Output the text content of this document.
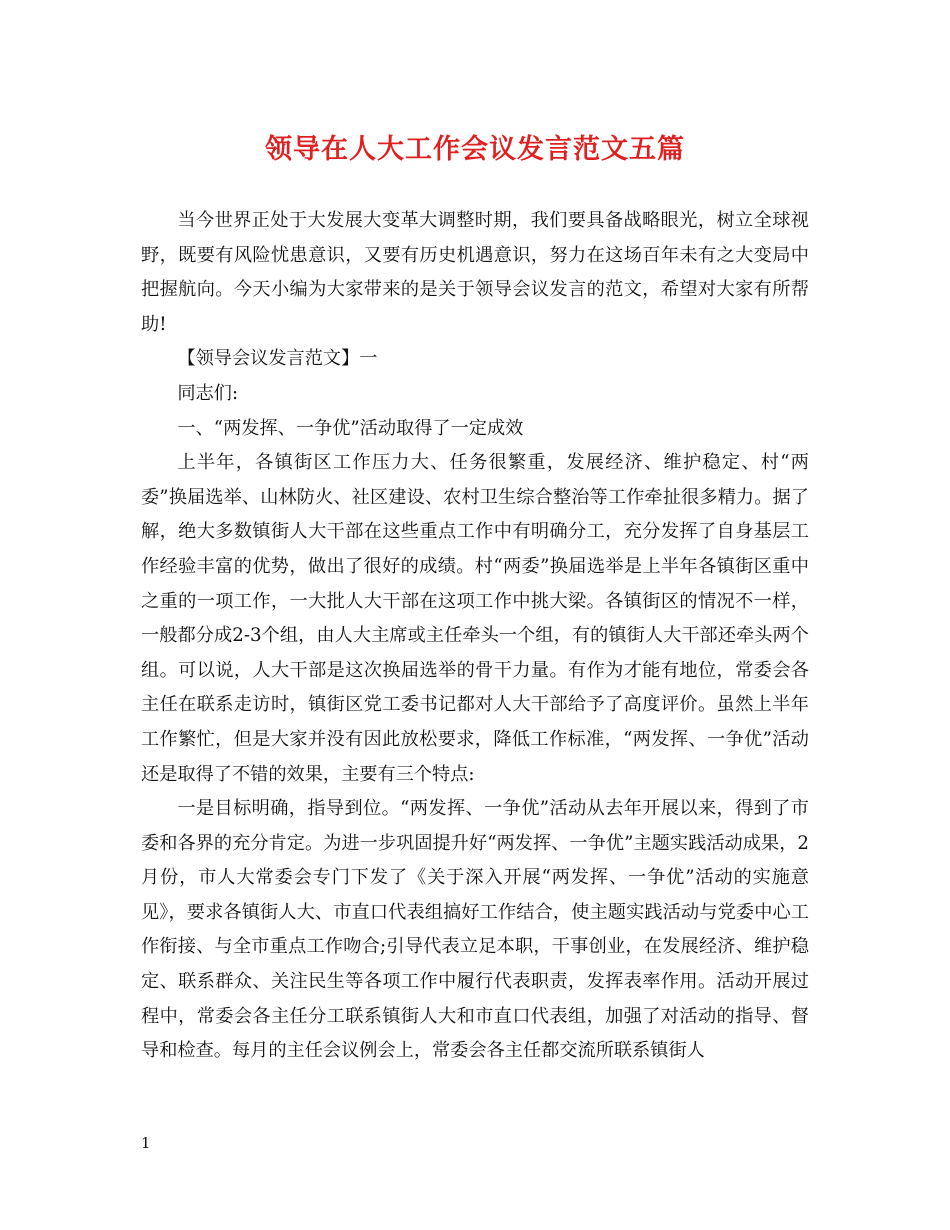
领导在人大工作会议发言范文五篇

当今世界正处于大发展大变革大调整时期，我们要具备战略眼光，树立全球视野，既要有风险忧患意识，又要有历史机遇意识，努力在这场百年未有之大变局中把握航向。今天小编为大家带来的是关于领导会议发言的范文，希望对大家有所帮助!

【领导会议发言范文】一

同志们:

一、“两发挥、一争优”活动取得了一定成效

上半年，各镇街区工作压力大、任务很繁重，发展经济、维护稳定、村“两委”换届选举、山林防火、社区建设、农村卫生综合整治等工作牵扯很多精力。据了解，绝大多数镇街人大干部在这些重点工作中有明确分工，充分发挥了自身基层工作经验丰富的优势，做出了很好的成绩。村“两委”换届选举是上半年各镇街区重中之重的一项工作，一大批人大干部在这项工作中挑大梁。各镇街区的情况不一样，一般都分成2-3个组，由人大主席或主任牵头一个组，有的镇街人大干部还牵头两个组。可以说，人大干部是这次换届选举的骨干力量。有作为才能有地位，常委会各主任在联系走访时，镇街区党工委书记都对人大干部给予了高度评价。虽然上半年工作繁忙，但是大家并没有因此放松要求，降低工作标准，“两发挥、一争优”活动还是取得了不错的效果，主要有三个特点:

一是目标明确，指导到位。“两发挥、一争优”活动从去年开展以来，得到了市委和各界的充分肯定。为进一步巩固提升好“两发挥、一争优”主题实践活动成果，2月份，市人大常委会专门下发了《关于深入开展“两发挥、一争优”活动的实施意见》，要求各镇街人大、市直口代表组搞好工作结合，使主题实践活动与党委中心工作衔接、与全市重点工作吻合;引导代表立足本职，干事创业，在发展经济、维护稳定、联系群众、关注民生等各项工作中履行代表职责，发挥表率作用。活动开展过程中，常委会各主任分工联系镇街人大和市直口代表组，加强了对活动的指导、督导和检查。每月的主任会议例会上，常委会各主任都交流所联系镇街人

1
